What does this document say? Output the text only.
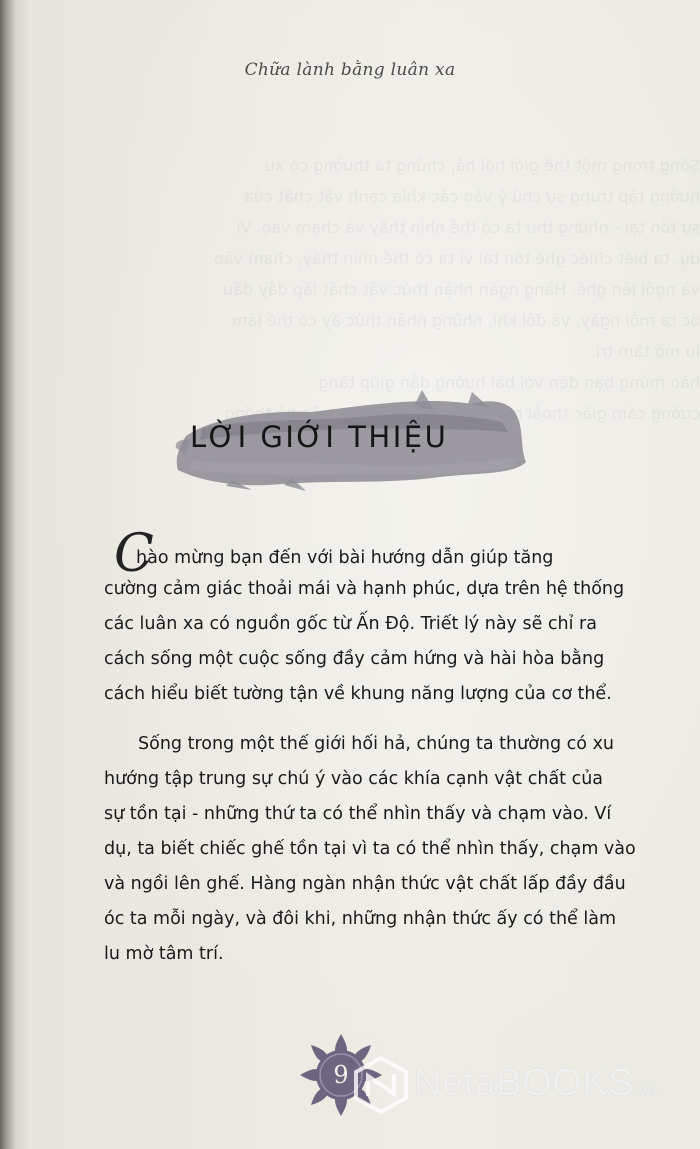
Sống trong một thế giới hối hả, chúng ta thường có xu
hướng tập trung sự chú ý vào các khía cạnh vật chất của
sự tồn tại - những thứ ta có thể nhìn thấy và chạm vào. Ví
dụ, ta biết chiếc ghế tồn tại vì ta có thể nhìn thấy, chạm vào
và ngồi lên ghế. Hàng ngàn nhận thức vật chất lấp đầy đầu
óc ta mỗi ngày, và đôi khi, những nhận thức ấy có thể làm
lu mờ tâm trí.
hào mừng bạn đến với bài hướng dẫn giúp tăng
cường cảm giác thoải thống
Chữa lành bằng luân xa
LỜI GIỚI THIỆU
Chào mừng bạn đến với bài hướng dẫn giúp tăng
cường cảm giác thoải mái và hạnh phúc, dựa trên hệ thống
các luân xa có nguồn gốc từ Ấn Độ. Triết lý này sẽ chỉ ra
cách sống một cuộc sống đầy cảm hứng và hài hòa bằng
cách hiểu biết tường tận về khung năng lượng của cơ thể.
Sống trong một thế giới hối hả, chúng ta thường có xu
hướng tập trung sự chú ý vào các khía cạnh vật chất của
sự tồn tại - những thứ ta có thể nhìn thấy và chạm vào. Ví
dụ, ta biết chiếc ghế tồn tại vì ta có thể nhìn thấy, chạm vào
và ngồi lên ghế. Hàng ngàn nhận thức vật chất lấp đầy đầu
óc ta mỗi ngày, và đôi khi, những nhận thức ấy có thể làm
lu mờ tâm trí.
9	NetaBOOKS.vn
